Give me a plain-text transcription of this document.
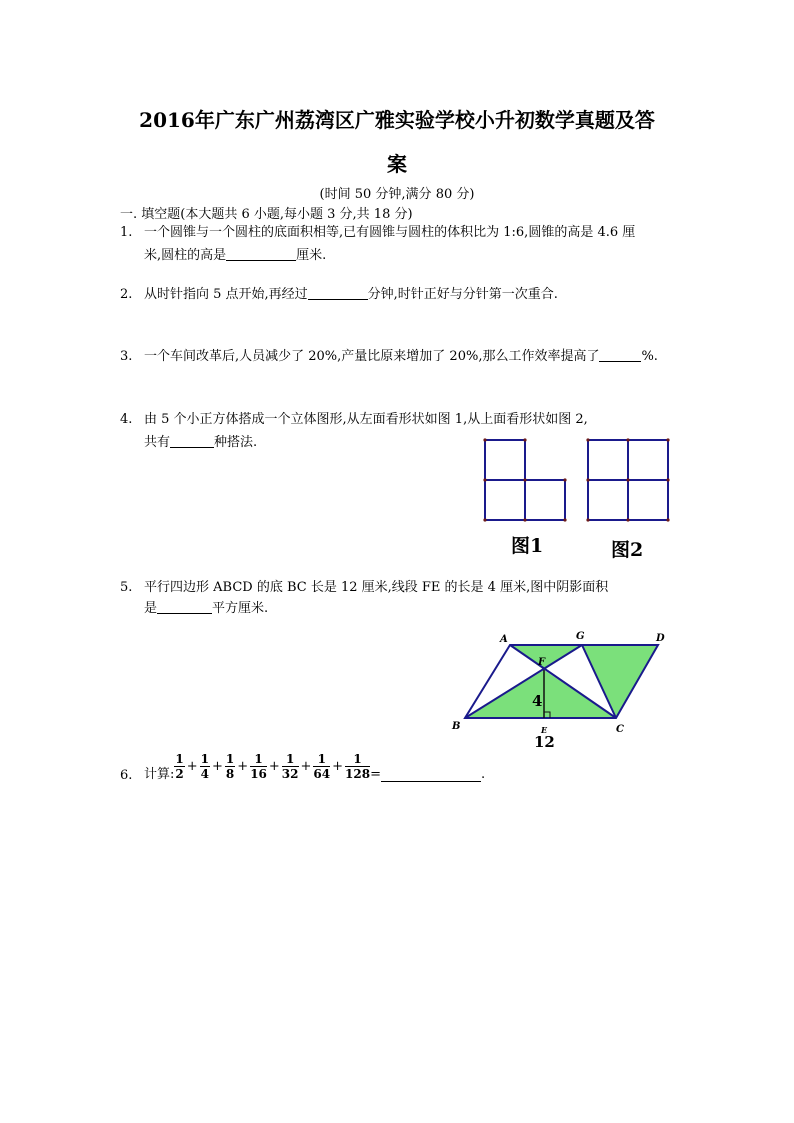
2016年广东广州荔湾区广雅实验学校小升初数学真题及答
案
(时间 50 分钟,满分 80 分)
一. 填空题(本大题共 6 小题,每小题 3 分,共 18 分)
1. 一个圆锥与一个圆柱的底面积相等,已有圆锥与圆柱的体积比为 1:6,圆锥的高是 4.6 厘
米,圆柱的高是	厘米.
2. 从时针指向 5 点开始,再经过	分钟,时针正好与分针第一次重合.
3. 一个车间改革后,人员减少了 20%,产量比原来增加了 20%,那么工作效率提高了	%.
4. 由 5 个小正方体搭成一个立体图形,从左面看形状如图 1,从上面看形状如图 2,
共有	种搭法.
图1	图2
5. 平行四边形 ABCD 的底 BC 长是 12 厘米,线段 FE 的长是 4 厘米,图中阴影面积
是	平方厘米.
A	G	D
F
B	E	C
4
12
6. 计算: $\frac{1}{2} + \frac{1}{4} + \frac{1}{8} + \frac{1}{16} + \frac{1}{32} + \frac{1}{64} + \frac{1}{128}$ =	.
